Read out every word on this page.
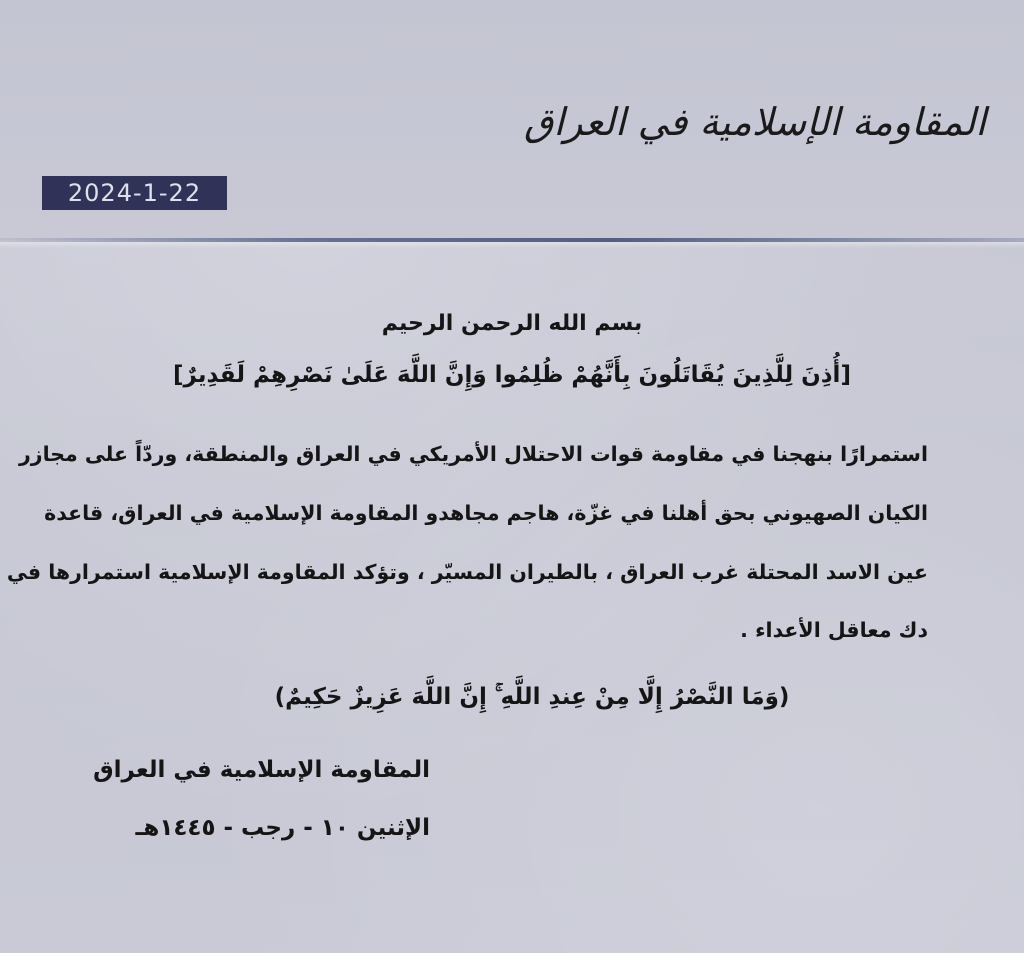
المقاومة الإسلامية في العراق
2024-1-22
بسم الله الرحمن الرحيم
[أُذِنَ لِلَّذِينَ يُقَاتَلُونَ بِأَنَّهُمْ ظُلِمُوا وَإِنَّ اللَّهَ عَلَىٰ نَصْرِهِمْ لَقَدِيرٌ]
استمرارًا بنهجنا في مقاومة قوات الاحتلال الأمريكي في العراق والمنطقة، وردّاً على مجازر
الكيان الصهيوني بحق أهلنا في غزّة، هاجم مجاهدو المقاومة الإسلامية في العراق، قاعدة
عين الاسد المحتلة غرب العراق ، بالطيران المسيّر ، وتؤكد المقاومة الإسلامية استمرارها في
دك معاقل الأعداء .
(وَمَا النَّصْرُ إِلَّا مِنْ عِندِ اللَّهِ ۚ إِنَّ اللَّهَ عَزِيزٌ حَكِيمٌ)
المقاومة الإسلامية في العراق
الإثنين ١٠ - رجب - ١٤٤٥هـ
